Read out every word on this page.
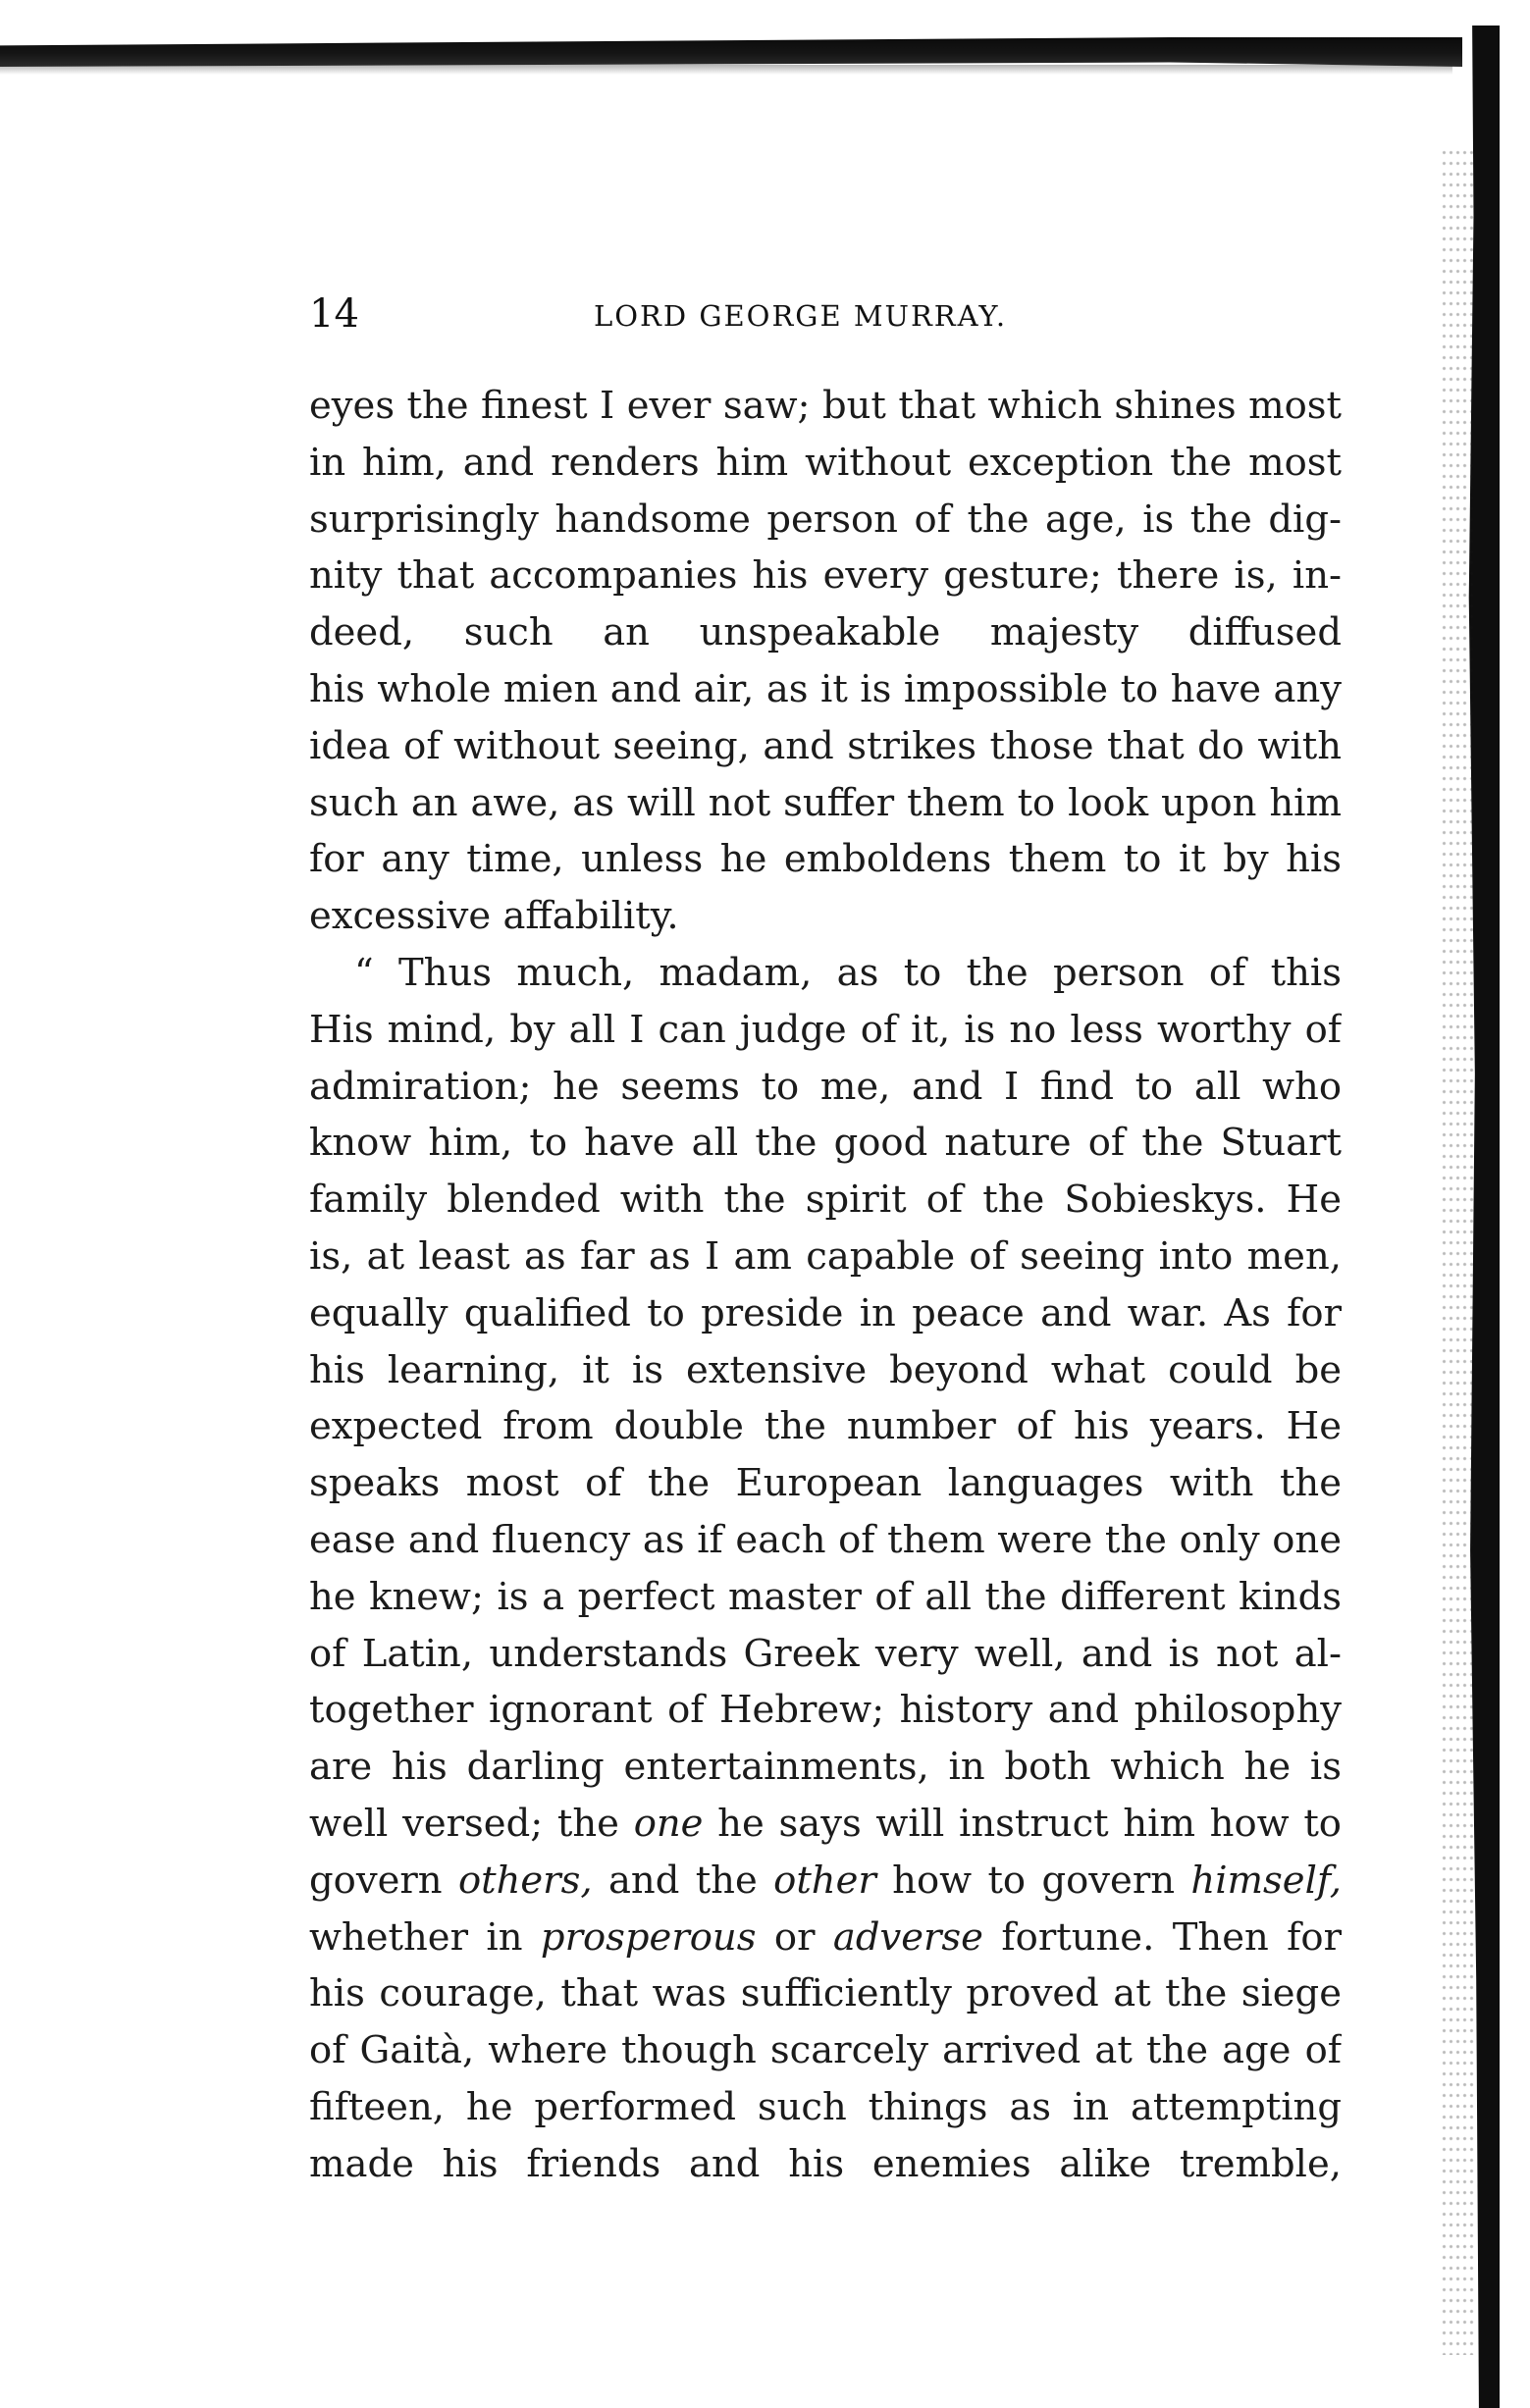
14	LORD GEORGE MURRAY.
eyes the finest I ever saw; but that which shines most
in him, and renders him without exception the most
surprisingly handsome person of the age, is the dig-
nity that accompanies his every gesture; there is, in-
deed, such an unspeakable majesty diffused
his whole mien and air, as it is impossible to have any
idea of without seeing, and strikes those that do with
such an awe, as will not suffer them to look upon him
for any time, unless he emboldens them to it by his
excessive affability.
“ Thus much, madam, as to the person of this
His mind, by all I can judge of it, is no less worthy of
admiration; he seems to me, and I find to all who
know him, to have all the good nature of the Stuart
family blended with the spirit of the Sobieskys. He
is, at least as far as I am capable of seeing into men,
equally qualified to preside in peace and war. As for
his learning, it is extensive beyond what could be
expected from double the number of his years. He
speaks most of the European languages with the
ease and fluency as if each of them were the only one
he knew; is a perfect master of all the different kinds
of Latin, understands Greek very well, and is not al-
together ignorant of Hebrew; history and philosophy
are his darling entertainments, in both which he is
well versed; the one he says will instruct him how to
govern others, and the other how to govern himself,
whether in prosperous or adverse fortune. Then for
his courage, that was sufficiently proved at the siege
of Gaità, where though scarcely arrived at the age of
fifteen, he performed such things as in attempting
made his friends and his enemies alike tremble,
